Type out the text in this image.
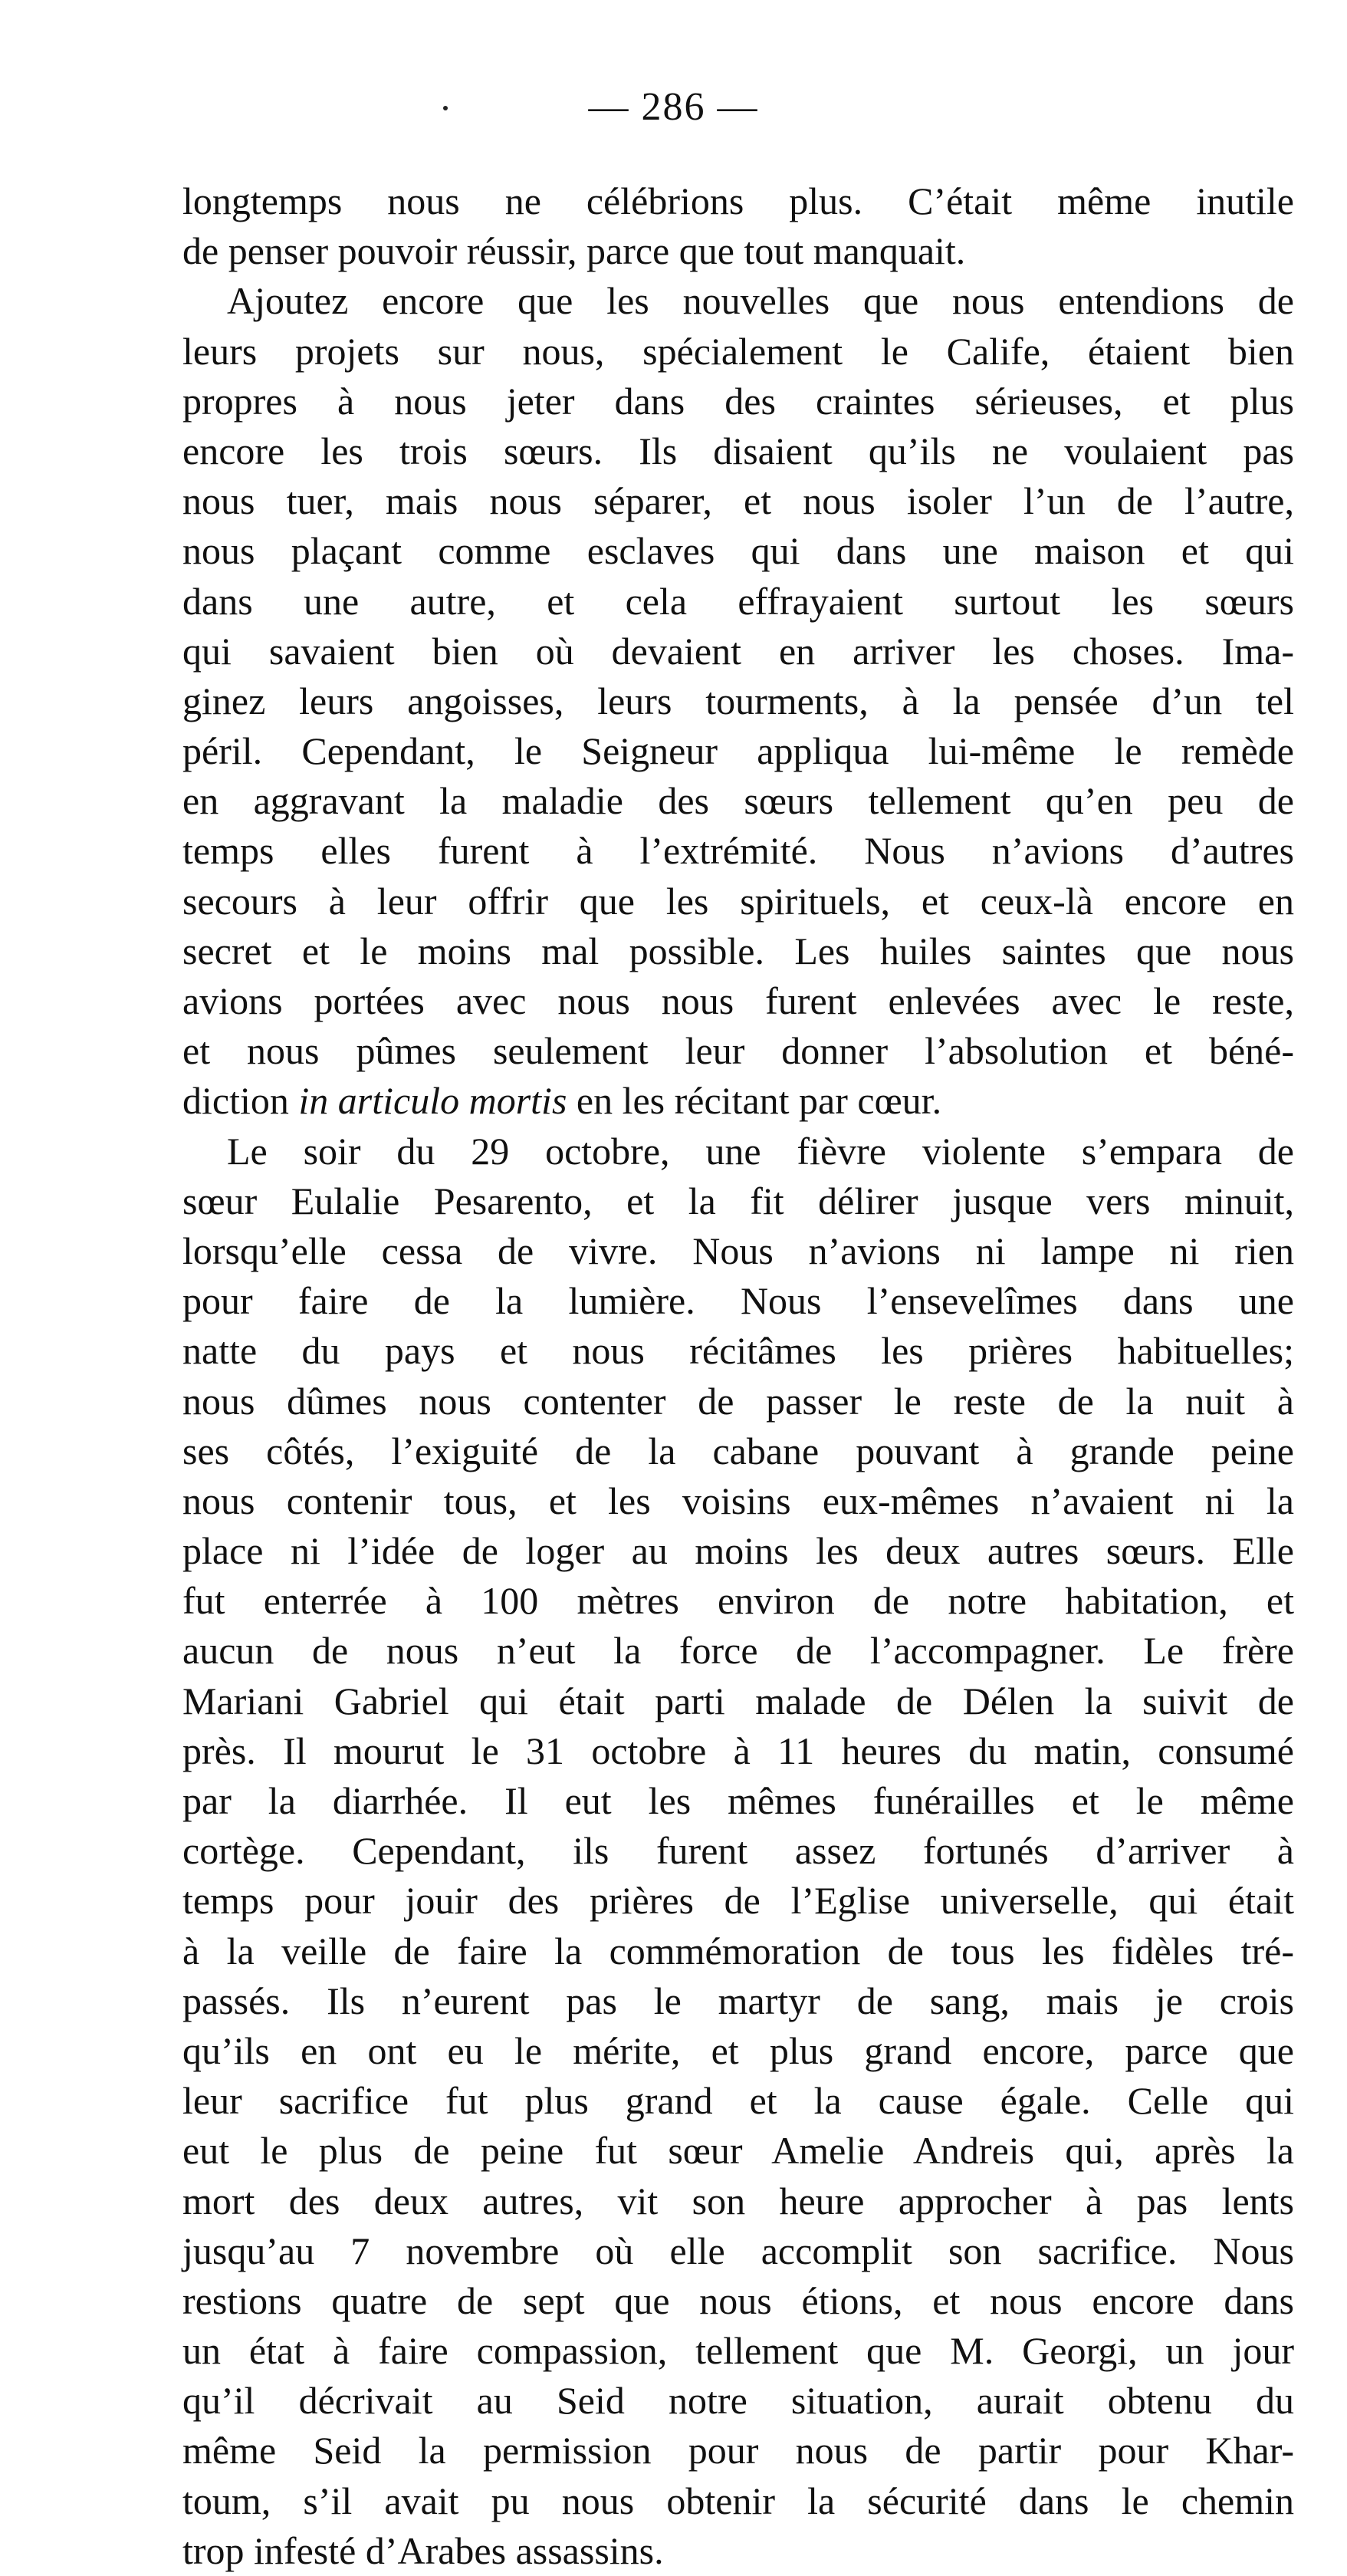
— 286 —
longtemps nous ne célébrions plus. C’était même inutile
de penser pouvoir réussir, parce que tout manquait.
Ajoutez encore que les nouvelles que nous entendions de
leurs projets sur nous, spécialement le Calife, étaient bien
propres à nous jeter dans des craintes sérieuses, et plus
encore les trois sœurs. Ils disaient qu’ils ne voulaient pas
nous tuer, mais nous séparer, et nous isoler l’un de l’autre,
nous plaçant comme esclaves qui dans une maison et qui
dans une autre, et cela effrayaient surtout les sœurs
qui savaient bien où devaient en arriver les choses. Ima-
ginez leurs angoisses, leurs tourments, à la pensée d’un tel
péril. Cependant, le Seigneur appliqua lui-même le remède
en aggravant la maladie des sœurs tellement qu’en peu de
temps elles furent à l’extrémité. Nous n’avions d’autres
secours à leur offrir que les spirituels, et ceux-là encore en
secret et le moins mal possible. Les huiles saintes que nous
avions portées avec nous nous furent enlevées avec le reste,
et nous pûmes seulement leur donner l’absolution et béné-
diction in articulo mortis en les récitant par cœur.
Le soir du 29 octobre, une fièvre violente s’empara de
sœur Eulalie Pesarento, et la fit délirer jusque vers minuit,
lorsqu’elle cessa de vivre. Nous n’avions ni lampe ni rien
pour faire de la lumière. Nous l’ensevelîmes dans une
natte du pays et nous récitâmes les prières habituelles;
nous dûmes nous contenter de passer le reste de la nuit à
ses côtés, l’exiguité de la cabane pouvant à grande peine
nous contenir tous, et les voisins eux-mêmes n’avaient ni la
place ni l’idée de loger au moins les deux autres sœurs. Elle
fut enterrée à 100 mètres environ de notre habitation, et
aucun de nous n’eut la force de l’accompagner. Le frère
Mariani Gabriel qui était parti malade de Délen la suivit de
près. Il mourut le 31 octobre à 11 heures du matin, consumé
par la diarrhée. Il eut les mêmes funérailles et le même
cortège. Cependant, ils furent assez fortunés d’arriver à
temps pour jouir des prières de l’Eglise universelle, qui était
à la veille de faire la commémoration de tous les fidèles tré-
passés. Ils n’eurent pas le martyr de sang, mais je crois
qu’ils en ont eu le mérite, et plus grand encore, parce que
leur sacrifice fut plus grand et la cause égale. Celle qui
eut le plus de peine fut sœur Amelie Andreis qui, après la
mort des deux autres, vit son heure approcher à pas lents
jusqu’au 7 novembre où elle accomplit son sacrifice. Nous
restions quatre de sept que nous étions, et nous encore dans
un état à faire compassion, tellement que M. Georgi, un jour
qu’il décrivait au Seid notre situation, aurait obtenu du
même Seid la permission pour nous de partir pour Khar-
toum, s’il avait pu nous obtenir la sécurité dans le chemin
trop infesté d’Arabes assassins.
